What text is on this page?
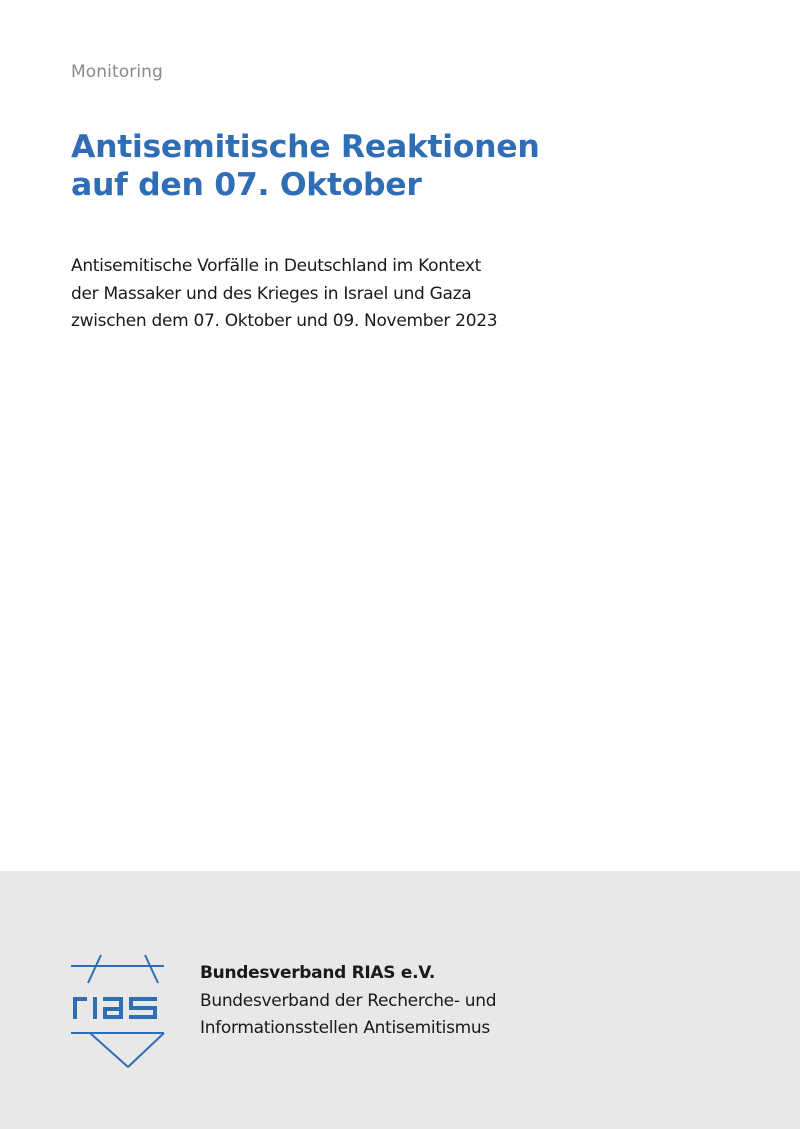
Monitoring
Antisemitische Reaktionen
auf den 07. Oktober

Antisemitische Vorfälle in Deutschland im Kontext
der Massaker und des Krieges in Israel und Gaza
zwischen dem 07. Oktober und 09. November 2023

Bundesverband RIAS e.V.
Bundesverband der Recherche- und
Informationsstellen Antisemitismus
